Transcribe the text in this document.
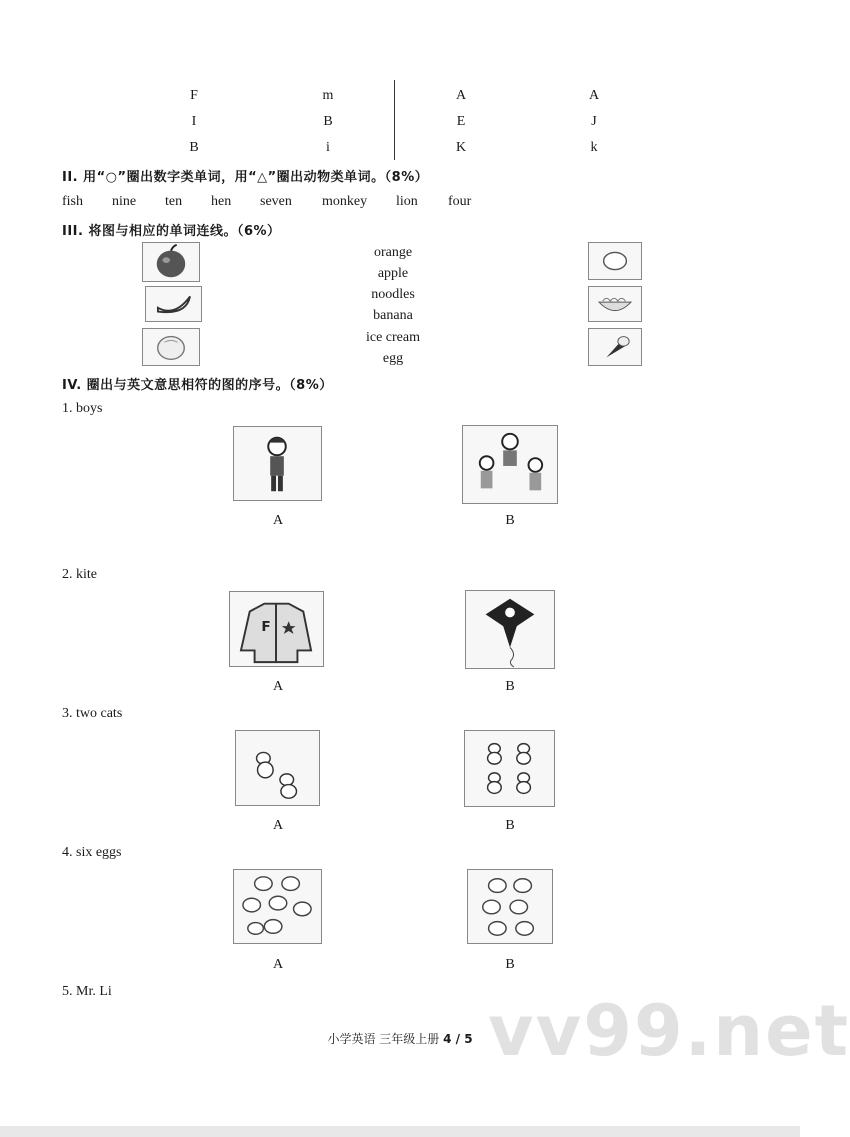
F	m	A	A
I	B	E	J
B	i	K	k
II. 用“○”圈出数字类单词，用“△”圈出动物类单词。（8%）
fish nine ten hen seven monkey lion four
III. 将图与相应的单词连线。（6%）
orange
apple
noodles
banana
ice cream
egg
IV. 圈出与英文意思相符的图的序号。（8%）
1. boys
A	B
2. kite
F
A	B
3. two cats
A	B
4. six eggs
A	B
5. Mr. Li	vv99.net
小学英语 三年级上册 4 / 5
